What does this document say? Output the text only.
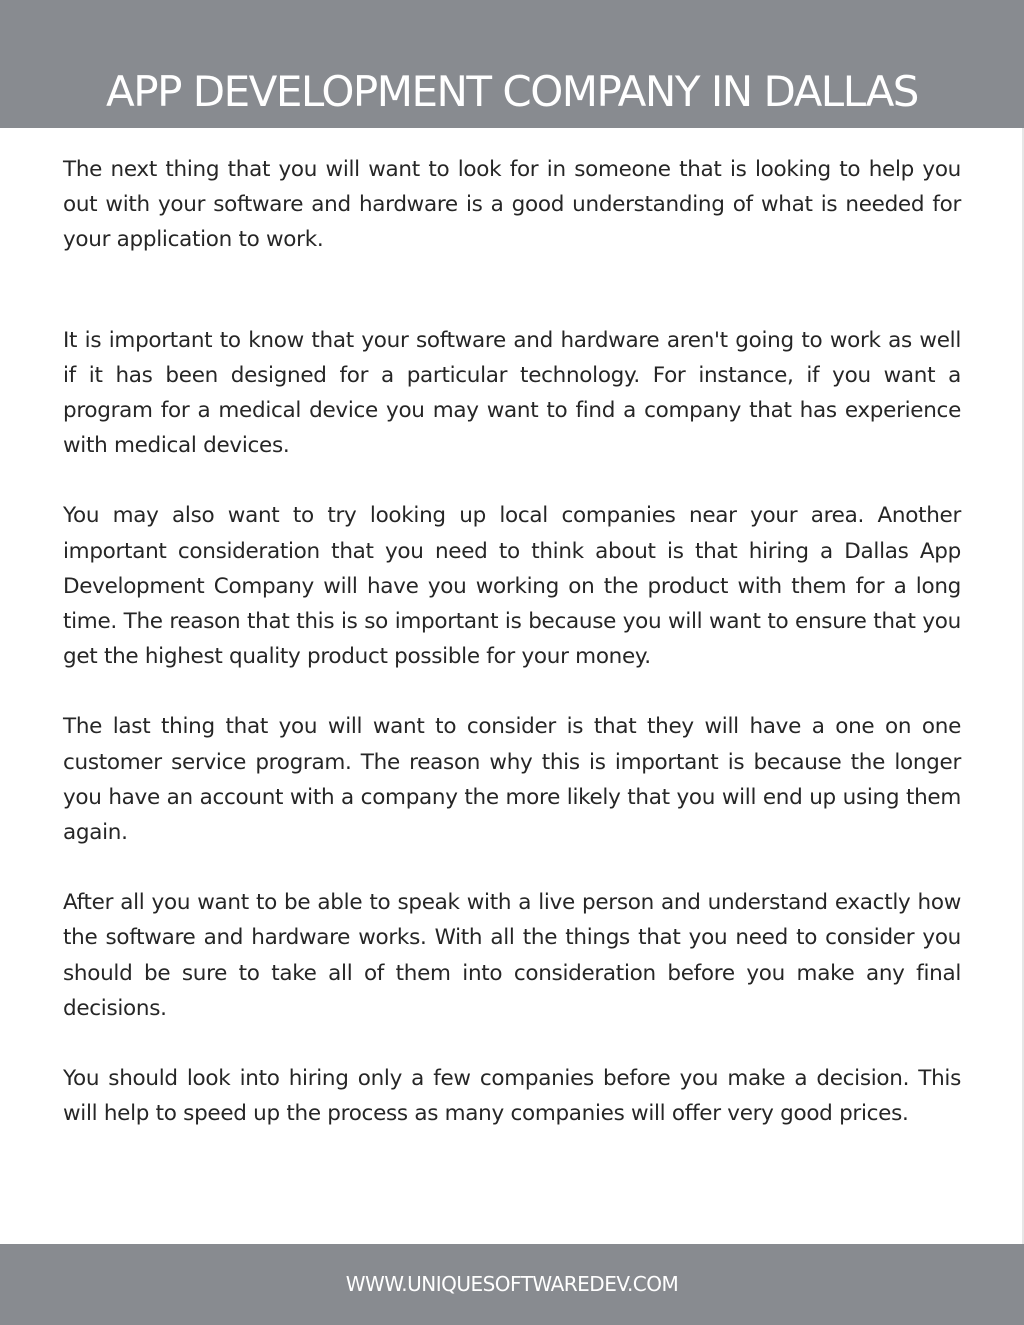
APP DEVELOPMENT COMPANY IN DALLAS

The next thing that you will want to look for in someone that is looking to help you out with your software and hardware is a good understanding of what is needed for your application to work.

It is important to know that your software and hardware aren't going to work as well if it has been designed for a particular technology. For instance, if you want a program for a medical device you may want to find a company that has experience with medical devices.

You may also want to try looking up local companies near your area. Another important consideration that you need to think about is that hiring a Dallas App Development Company will have you working on the product with them for a long time. The reason that this is so important is because you will want to ensure that you get the highest quality product possible for your money.

The last thing that you will want to consider is that they will have a one on one customer service program. The reason why this is important is because the longer you have an account with a company the more likely that you will end up using them again.

After all you want to be able to speak with a live person and understand exactly how the software and hardware works. With all the things that you need to consider you should be sure to take all of them into consideration before you make any final decisions.

You should look into hiring only a few companies before you make a decision. This will help to speed up the process as many companies will offer very good prices.

WWW.UNIQUESOFTWAREDEV.COM
